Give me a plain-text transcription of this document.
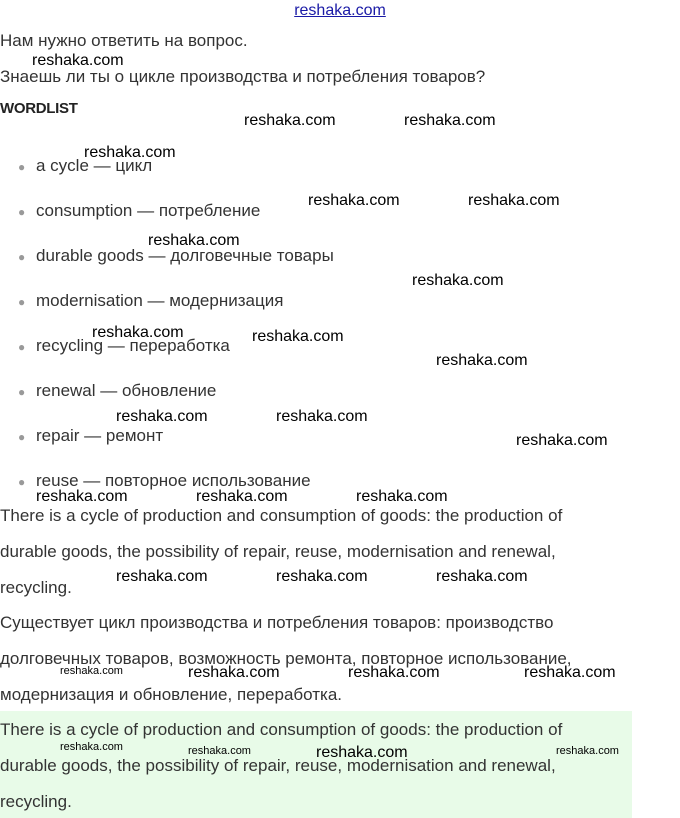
reshaka.com
Нам нужно ответить на вопрос.
Знаешь ли ты о цикле производства и потребления товаров?
WORDLIST
● a cycle — цикл
● consumption — потребление
● durable goods — долговечные товары
● modernisation — модернизация
● recycling — переработка
● renewal — обновление
● repair — ремонт
● reuse — повторное использование
There is a cycle of production and consumption of goods: the production of
durable goods, the possibility of repair, reuse, modernisation and renewal,
recycling.
Существует цикл производства и потребления товаров: производство
долговечных товаров, возможность ремонта, повторное использование,
модернизация и обновление, переработка.
There is a cycle of production and consumption of goods: the production of
durable goods, the possibility of repair, reuse, modernisation and renewal,
recycling.
reshaka.com
reshaka.com	reshaka.com
reshaka.com
reshaka.com	reshaka.com
reshaka.com
reshaka.com
reshaka.com	reshaka.com
reshaka.com
reshaka.com	reshaka.com
reshaka.com
reshaka.com	reshaka.com	reshaka.com
reshaka.com	reshaka.com	reshaka.com
reshaka.com	reshaka.com	reshaka.com	reshaka.com
reshaka.com	reshaka.com	reshaka.com	reshaka.com
